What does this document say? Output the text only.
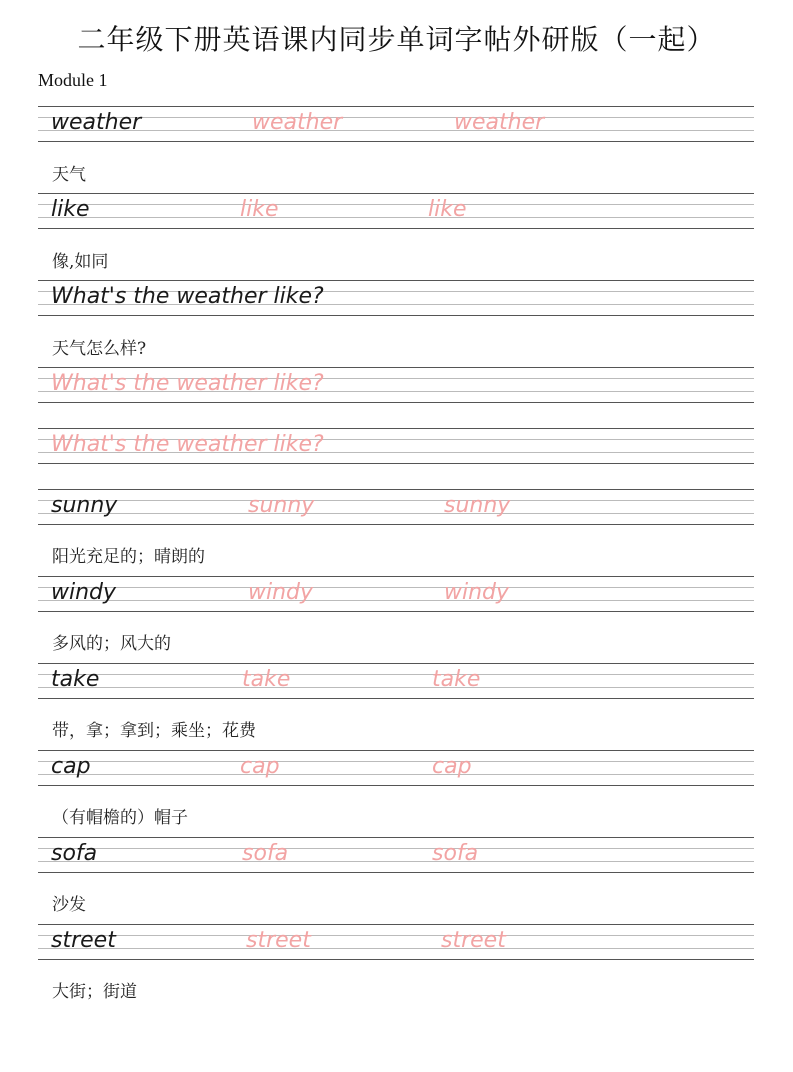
二年级下册英语课内同步单词字帖外研版（一起）
Module 1
weather	weather	weather
天气
like	like	like
像,如同
What's the weather like?
天气怎么样?
What's the weather like?
What's the weather like?
sunny	sunny	sunny
阳光充足的；晴朗的
windy	windy	windy
多风的；风大的
take	take	take
带，拿；拿到；乘坐；花费
cap	cap	cap
（有帽檐的）帽子
sofa	sofa	sofa
沙发
street	street	street
大街；街道
